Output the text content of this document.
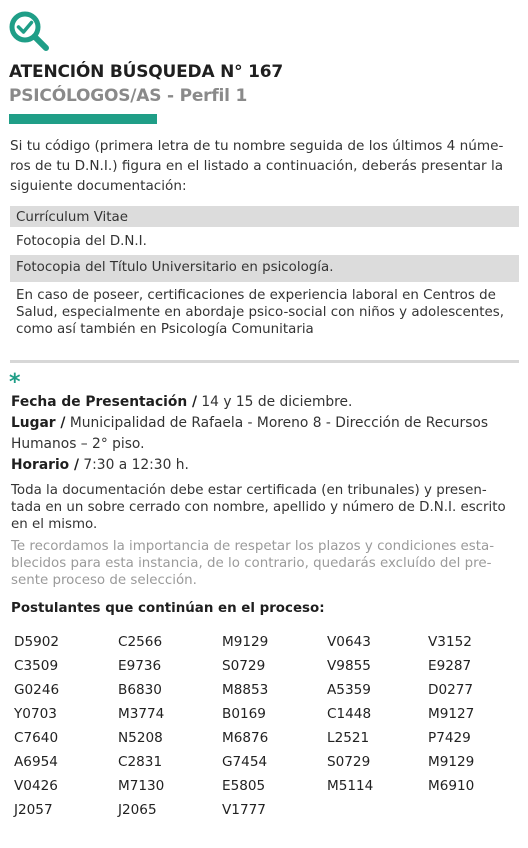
ATENCIÓN BÚSQUEDA N° 167
PSICÓLOGOS/AS - Perfil 1
Si tu código (primera letra de tu nombre seguida de los últimos 4 núme-
ros de tu D.N.I.) figura en el listado a continuación, deberás presentar la
siguiente documentación:
Currículum Vitae
Fotocopia del D.N.I.
Fotocopia del Título Universitario en psicología.
En caso de poseer, certificaciones de experiencia laboral en Centros de
Salud, especialmente en abordaje psico-social con niños y adolescentes,
como así también en Psicología Comunitaria
*
Fecha de Presentación / 14 y 15 de diciembre.
Lugar / Municipalidad de Rafaela - Moreno 8 - Dirección de Recursos
Humanos – 2° piso.
Horario / 7:30 a 12:30 h.
Toda la documentación debe estar certificada (en tribunales) y presen-
tada en un sobre cerrado con nombre, apellido y número de D.N.I. escrito
en el mismo.
Te recordamos la importancia de respetar los plazos y condiciones esta-
blecidos para esta instancia, de lo contrario, quedarás excluído del pre-
sente proceso de selección.
Postulantes que continúan en el proceso:
D5902
C3509
G0246
Y0703
C7640
A6954
V0426
J2057
C2566
E9736
B6830
M3774
N5208
C2831
M7130
J2065
M9129
S0729
M8853
B0169
M6876
G7454
E5805
V1777
V0643
V9855
A5359
C1448
L2521
S0729
M5114
V3152
E9287
D0277
M9127
P7429
M9129
M6910
